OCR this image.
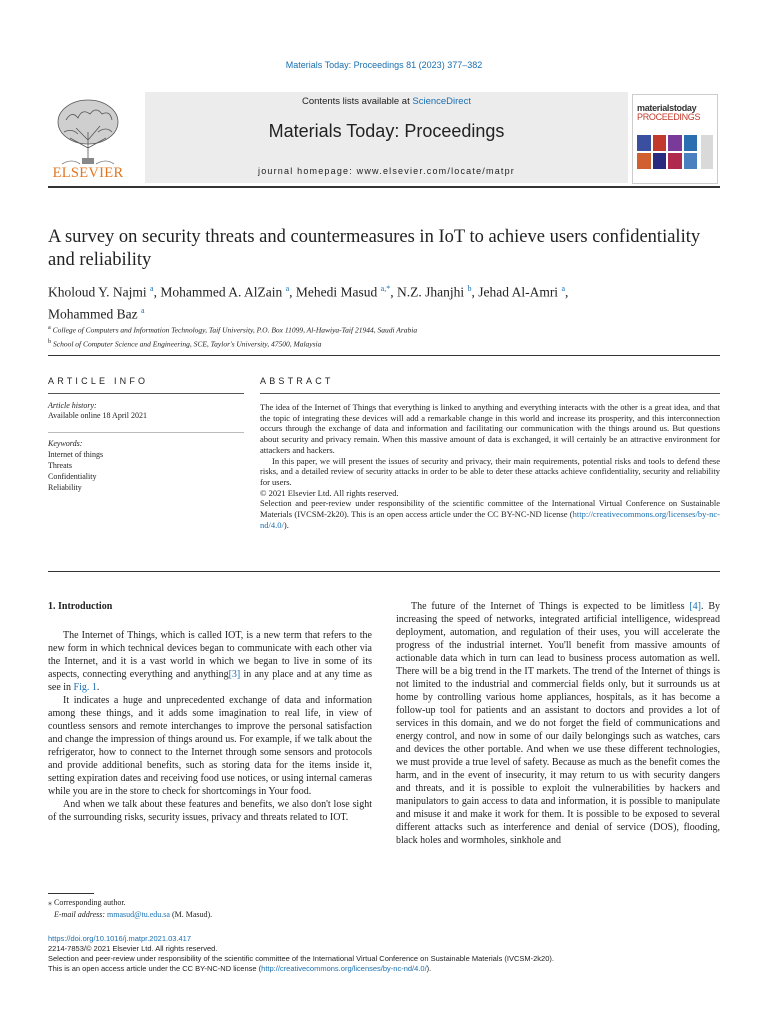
Materials Today: Proceedings 81 (2023) 377–382
Contents lists available at ScienceDirect
Materials Today: Proceedings
journal homepage: www.elsevier.com/locate/matpr
ELSEVIER
materialstoday
PROCEEDINGS
A survey on security threats and countermeasures in IoT to achieve users confidentiality and reliability
Kholoud Y. Najmi $^a$, Mohammed A. AlZain $^a$, Mehedi Masud $^{a,*}$, N.Z. Jhanjhi $^b$, Jehad Al-Amri $^a$,
Mohammed Baz $^a$
$^a$ College of Computers and Information Technology, Taif University, P.O. Box 11099, Al-Hawiya-Taif 21944, Saudi Arabia
$^b$ School of Computer Science and Engineering, SCE, Taylor's University, 47500, Malaysia
ARTICLE INFO	ABSTRACT
Article history:
Available online 18 April 2021
Keywords:
Internet of things
Threats
Confidentiality
Reliability

The idea of the Internet of Things that everything is linked to anything and everything interacts with the other is a great idea, and that the topic of integrating these devices will add a remarkable change in this world and increase its prosperity, and this interconnection occurs through the exchange of data and information and facilitating our communication with the things around us. But questions about security and privacy remain. When this massive amount of data is exchanged, it will certainly be an attractive environment for attackers and hackers.

In this paper, we will present the issues of security and privacy, their main requirements, potential risks and tools to defend these risks, and a detailed review of security attacks in order to be able to deter these attacks achieve confidentiality, security and reliability for users.

© 2021 Elsevier Ltd. All rights reserved.

Selection and peer-review under responsibility of the scientific committee of the International Virtual Conference on Sustainable Materials (IVCSM-2k20). This is an open access article under the CC BY-NC-ND license (http://creativecommons.org/licenses/by-nc-nd/4.0/).

1. Introduction

The Internet of Things, which is called IOT, is a new term that refers to the new form in which technical devices began to communicate with each other via the Internet, and it is a vast world in which we began to live in some of its aspects, connecting everything and anything[3] in any place and at any time as see in Fig. 1.

It indicates a huge and unprecedented exchange of data and information among these things, and it adds some imagination to real life, in view of countless sensors and remote interchanges to improve the personal satisfaction and change the impression of things around us. For example, if we talk about the refrigerator, how to connect to the Internet through some sensors and protocols and provide additional benefits, such as storing data for the items inside it, setting expiration dates and receiving food use notices, or using internal cameras while you are in the store to check for shortcomings in Your food.

And when we talk about these features and benefits, we also don't lose sight of the surrounding risks, security issues, privacy and threats related to IOT.

The future of the Internet of Things is expected to be limitless [4]. By increasing the speed of networks, integrated artificial intelligence, widespread deployment, automation, and regulation of their uses, you will accelerate the progress of the industrial internet. You'll benefit from massive amounts of actionable data which in turn can lead to business process automation as well. There will be a big trend in the IT markets. The trend of the Internet of things is not limited to the industrial and commercial fields only, but it surrounds us at home by controlling various home appliances, hospitals, as it has become a follow-up tool for patients and an assistant to doctors and provides a lot of services in this domain, and we do not forget the field of communications and energy control, and now in some of our daily belongings such as watches, cars and devices the other portable. And when we use these different technologies, we must provide a true level of safety. Because as much as the benefit comes the harm, and in the event of insecurity, it may return to us with security dangers and threats, and it is possible to exploit the vulnerabilities by hackers and manipulators to gain access to data and information, it is possible to manipulate and misuse it and make it work for them. It is possible to be exposed to several different attacks such as interference and denial of service (DOS), flooding, black holes and wormholes, sinkhole and

⁎ Corresponding author.
E-mail address: mmasud@tu.edu.sa (M. Masud).
https://doi.org/10.1016/j.matpr.2021.03.417
2214-7853/© 2021 Elsevier Ltd. All rights reserved.
Selection and peer-review under responsibility of the scientific committee of the International Virtual Conference on Sustainable Materials (IVCSM-2k20).
This is an open access article under the CC BY-NC-ND license (http://creativecommons.org/licenses/by-nc-nd/4.0/).
